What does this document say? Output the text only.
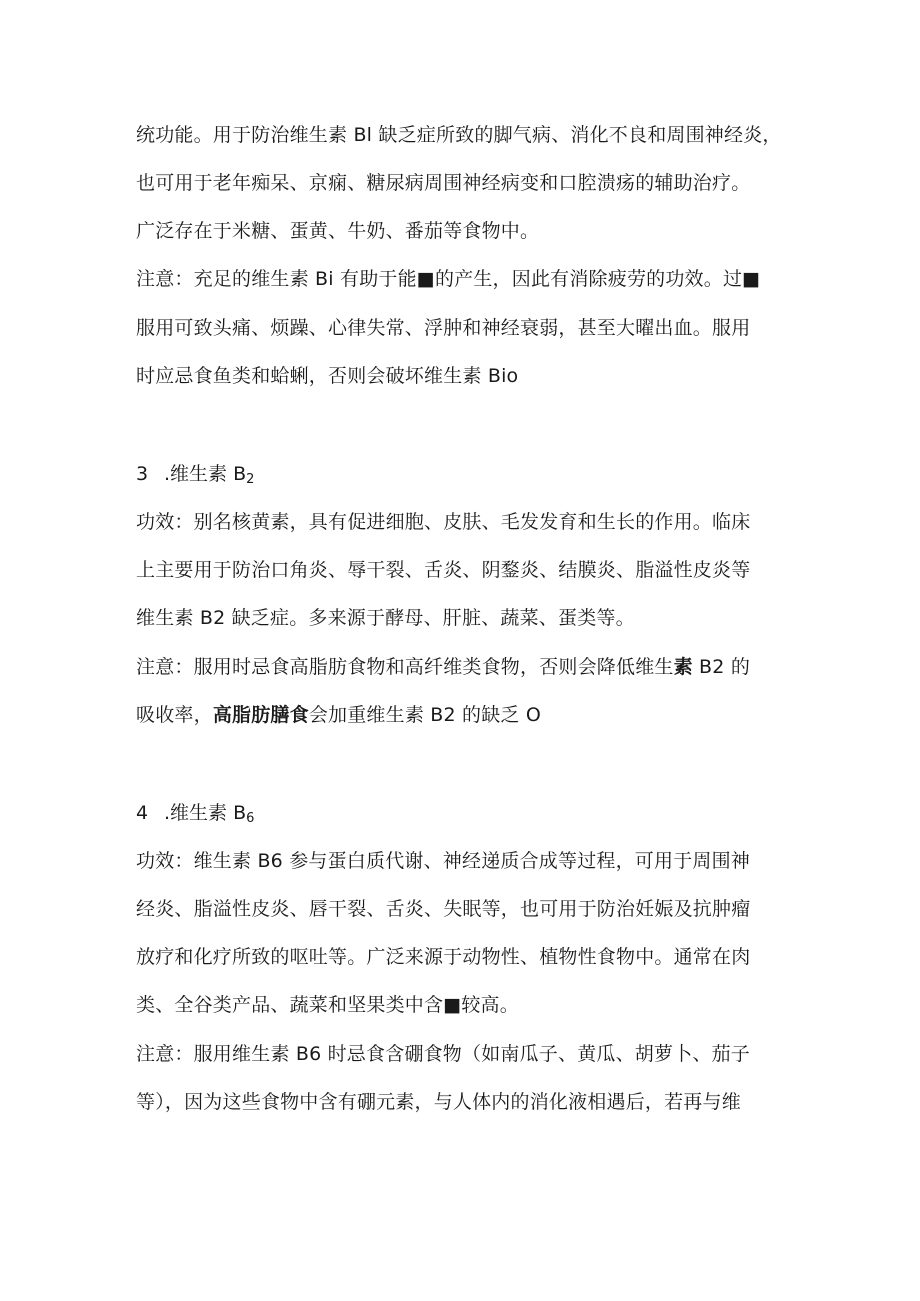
统功能。用于防治维生素 Bl 缺乏症所致的脚气病、消化不良和周围神经炎，
也可用于老年痴呆、京痫、糖尿病周围神经病变和口腔溃疡的辅助治疗。
广泛存在于米糖、蛋黄、牛奶、番茄等食物中。
注意：充足的维生素 Bi 有助于能■的产生，因此有消除疲劳的功效。过■
服用可致头痛、烦躁、心律失常、浮肿和神经衰弱，甚至大曜出血。服用
时应忌食鱼类和蛤蜊，否则会破坏维生素 Bio
3 .维生素 $B_2$
功效：别名核黄素，具有促进细胞、皮肤、毛发发育和生长的作用。临床
上主要用于防治口角炎、辱干裂、舌炎、阴鍪炎、结膜炎、脂溢性皮炎等
维生素 B2 缺乏症。多来源于酵母、肝脏、蔬菜、蛋类等。
注意：服用时忌食高脂肪食物和高纤维类食物，否则会降低维生素 B2 的
吸收率，高脂肪膳食会加重维生素 B2 的缺乏 O
4 .维生素 $B_6$
功效：维生素 B6 参与蛋白质代谢、神经递质合成等过程，可用于周围神
经炎、脂溢性皮炎、唇干裂、舌炎、失眠等，也可用于防治妊娠及抗肿瘤
放疗和化疗所致的呕吐等。广泛来源于动物性、植物性食物中。通常在肉
类、全谷类产品、蔬菜和坚果类中含■较高。
注意：服用维生素 B6 时忌食含硼食物（如南瓜子、黄瓜、胡萝卜、茄子
等），因为这些食物中含有硼元素，与人体内的消化液相遇后，若再与维
